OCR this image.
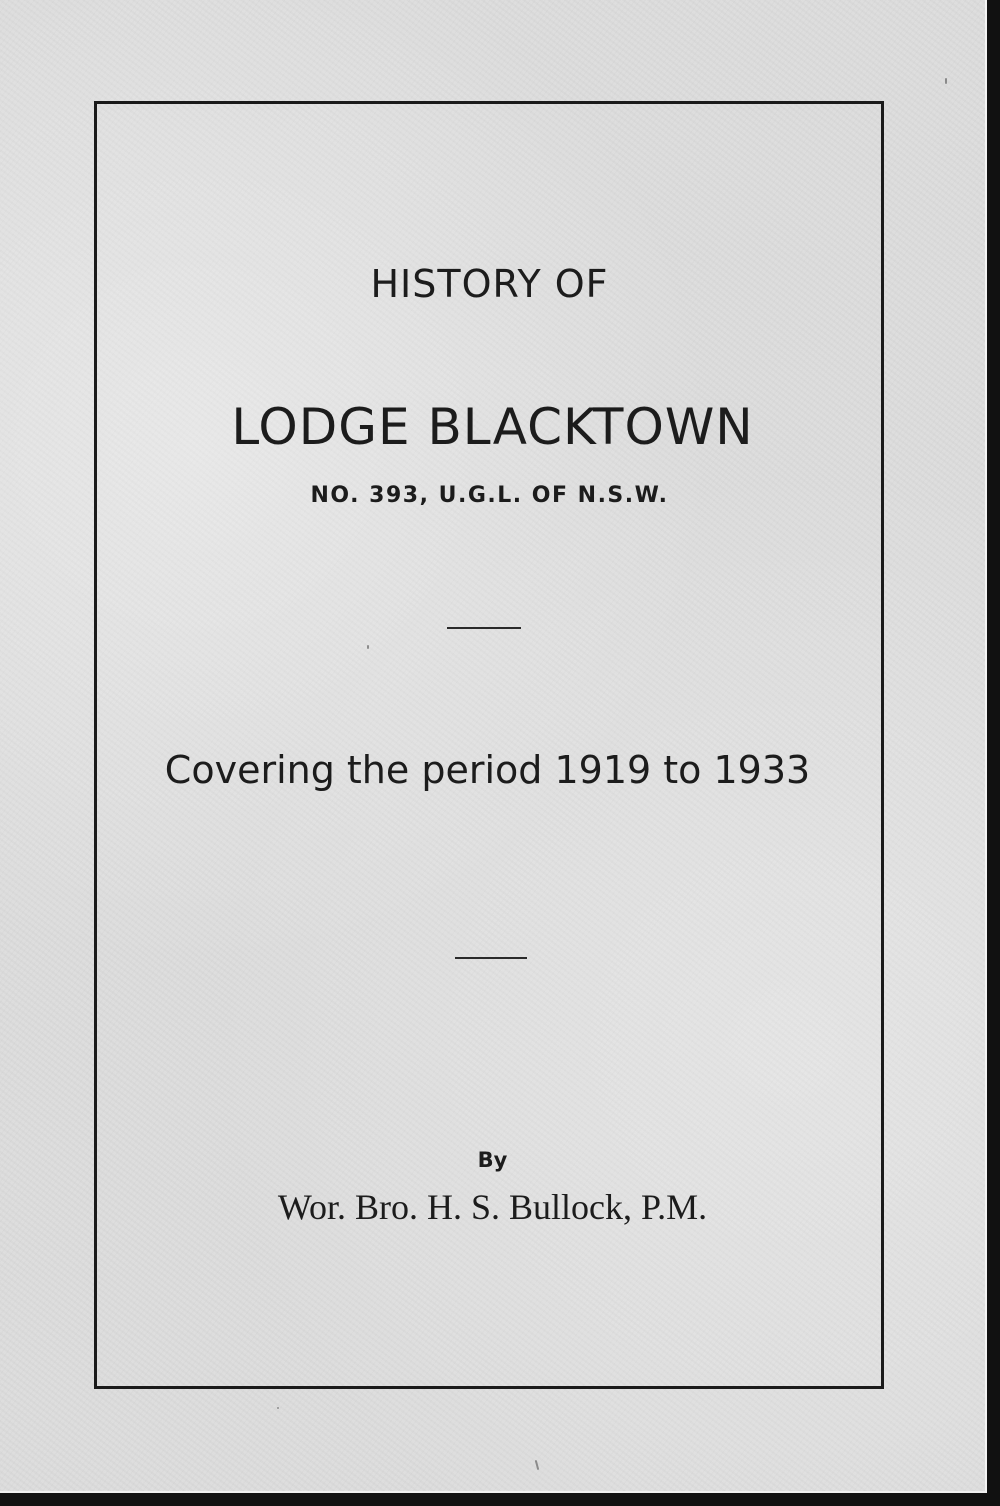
HISTORY OF
LODGE BLACKTOWN
NO. 393, U.G.L. OF N.S.W.
Covering the period 1919 to 1933
By
Wor. Bro. H. S. Bullock, P.M.
